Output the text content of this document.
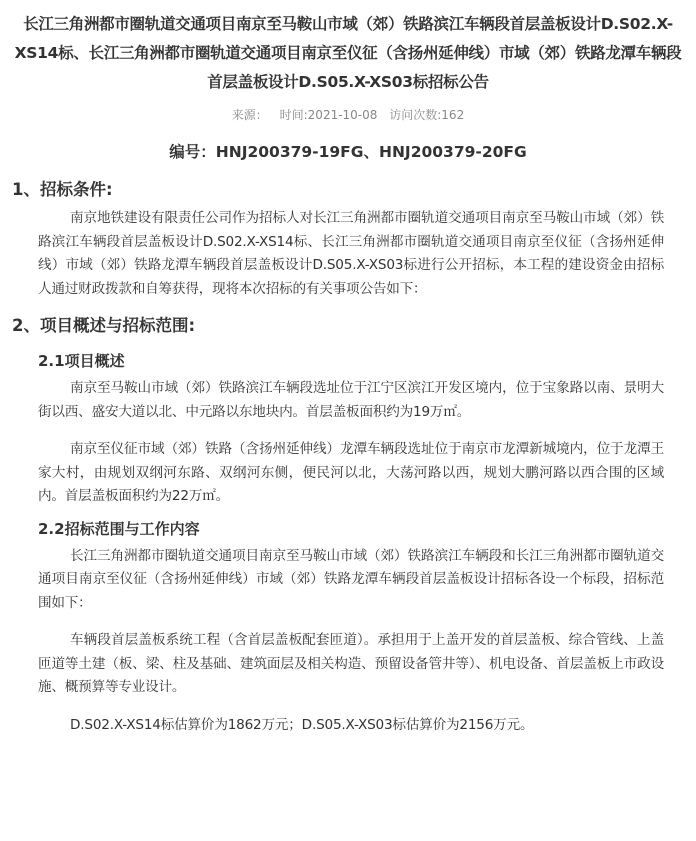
长江三角洲都市圈轨道交通项目南京至马鞍山市域（郊）铁路滨江车辆段首层盖板设计D.S02.X-XS14标、长江三角洲都市圈轨道交通项目南京至仪征（含扬州延伸线）市域（郊）铁路龙潭车辆段首层盖板设计D.S05.X-XS03标招标公告
来源： 时间:2021-10-08 访问次数:162
编号：HNJ200379-19FG、HNJ200379-20FG
1、招标条件:
南京地铁建设有限责任公司作为招标人对长江三角洲都市圈轨道交通项目南京至马鞍山市域（郊）铁路滨江车辆段首层盖板设计D.S02.X-XS14标、长江三角洲都市圈轨道交通项目南京至仪征（含扬州延伸线）市域（郊）铁路龙潭车辆段首层盖板设计D.S05.X-XS03标进行公开招标，本工程的建设资金由招标人通过财政拨款和自筹获得，现将本次招标的有关事项公告如下：
2、项目概述与招标范围:
2.1项目概述
南京至马鞍山市域（郊）铁路滨江车辆段选址位于江宁区滨江开发区境内，位于宝象路以南、景明大街以西、盛安大道以北、中元路以东地块内。首层盖板面积约为19万㎡。
南京至仪征市域（郊）铁路（含扬州延伸线）龙潭车辆段选址位于南京市龙潭新城境内，位于龙潭王家大村，由规划双纲河东路、双纲河东侧，便民河以北，大荡河路以西，规划大鹏河路以西合围的区域内。首层盖板面积约为22万㎡。
2.2招标范围与工作内容
长江三角洲都市圈轨道交通项目南京至马鞍山市域（郊）铁路滨江车辆段和长江三角洲都市圈轨道交通项目南京至仪征（含扬州延伸线）市域（郊）铁路龙潭车辆段首层盖板设计招标各设一个标段，招标范围如下：
车辆段首层盖板系统工程（含首层盖板配套匝道）。承担用于上盖开发的首层盖板、综合管线、上盖匝道等土建（板、梁、柱及基础、建筑面层及相关构造、预留设备管井等）、机电设备、首层盖板上市政设施、概预算等专业设计。
D.S02.X-XS14标估算价为1862万元；D.S05.X-XS03标估算价为2156万元。
